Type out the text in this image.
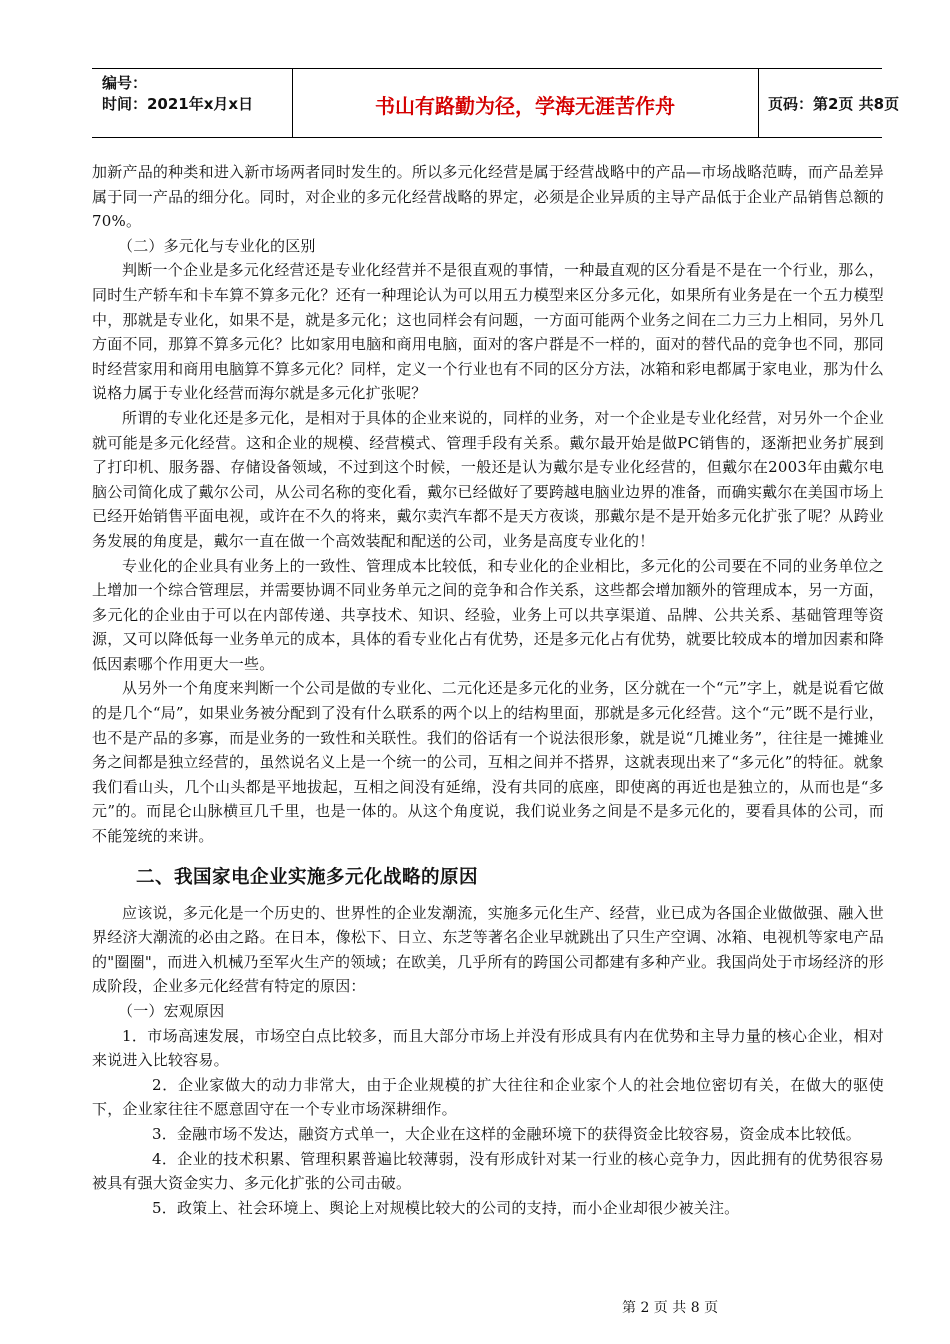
编号：
时间：2021年x月x日	书山有路勤为径，学海无涯苦作舟	页码：第2页 共8页

加新产品的种类和进入新市场两者同时发生的。所以多元化经营是属于经营战略中的产品—市场战略范畴，而产品差异属于同一产品的细分化。同时，对企业的多元化经营战略的界定，必须是企业异质的主导产品低于企业产品销售总额的70%。

（二）多元化与专业化的区别

判断一个企业是多元化经营还是专业化经营并不是很直观的事情，一种最直观的区分看是不是在一个行业，那么，同时生产轿车和卡车算不算多元化？还有一种理论认为可以用五力模型来区分多元化，如果所有业务是在一个五力模型中，那就是专业化，如果不是，就是多元化；这也同样会有问题，一方面可能两个业务之间在二力三力上相同，另外几方面不同，那算不算多元化？比如家用电脑和商用电脑，面对的客户群是不一样的，面对的替代品的竞争也不同，那同时经营家用和商用电脑算不算多元化？同样，定义一个行业也有不同的区分方法，冰箱和彩电都属于家电业，那为什么说格力属于专业化经营而海尔就是多元化扩张呢？

所谓的专业化还是多元化，是相对于具体的企业来说的，同样的业务，对一个企业是专业化经营，对另外一个企业就可能是多元化经营。这和企业的规模、经营模式、管理手段有关系。戴尔最开始是做PC销售的，逐渐把业务扩展到了打印机、服务器、存储设备领域，不过到这个时候，一般还是认为戴尔是专业化经营的，但戴尔在2003年由戴尔电脑公司简化成了戴尔公司，从公司名称的变化看，戴尔已经做好了要跨越电脑业边界的准备，而确实戴尔在美国市场上已经开始销售平面电视，或许在不久的将来，戴尔卖汽车都不是天方夜谈，那戴尔是不是开始多元化扩张了呢？从跨业务发展的角度是，戴尔一直在做一个高效装配和配送的公司，业务是高度专业化的！

专业化的企业具有业务上的一致性、管理成本比较低，和专业化的企业相比，多元化的公司要在不同的业务单位之上增加一个综合管理层，并需要协调不同业务单元之间的竞争和合作关系，这些都会增加额外的管理成本，另一方面，多元化的企业由于可以在内部传递、共享技术、知识、经验，业务上可以共享渠道、品牌、公共关系、基础管理等资源，又可以降低每一业务单元的成本，具体的看专业化占有优势，还是多元化占有优势，就要比较成本的增加因素和降低因素哪个作用更大一些。

从另外一个角度来判断一个公司是做的专业化、二元化还是多元化的业务，区分就在一个“元”字上，就是说看它做的是几个“局”，如果业务被分配到了没有什么联系的两个以上的结构里面，那就是多元化经营。这个“元”既不是行业，也不是产品的多寡，而是业务的一致性和关联性。我们的俗话有一个说法很形象，就是说“几摊业务”，往往是一摊摊业务之间都是独立经营的，虽然说名义上是一个统一的公司，互相之间并不搭界，这就表现出来了“多元化”的特征。就象我们看山头，几个山头都是平地拔起，互相之间没有延绵，没有共同的底座，即使离的再近也是独立的，从而也是“多元”的。而昆仑山脉横亘几千里，也是一体的。从这个角度说，我们说业务之间是不是多元化的，要看具体的公司，而不能笼统的来讲。

二、我国家电企业实施多元化战略的原因

应该说，多元化是一个历史的、世界性的企业发潮流，实施多元化生产、经营，业已成为各国企业做做强、融入世界经济大潮流的必由之路。在日本，像松下、日立、东芝等著名企业早就跳出了只生产空调、冰箱、电视机等家电产品的"圈圈"，而进入机械乃至军火生产的领域；在欧美，几乎所有的跨国公司都建有多种产业。我国尚处于市场经济的形成阶段，企业多元化经营有特定的原因：

（一）宏观原因

1．市场高速发展，市场空白点比较多，而且大部分市场上并没有形成具有内在优势和主导力量的核心企业，相对来说进入比较容易。

2．企业家做大的动力非常大，由于企业规模的扩大往往和企业家个人的社会地位密切有关，在做大的驱使下，企业家往往不愿意固守在一个专业市场深耕细作。

3．金融市场不发达，融资方式单一，大企业在这样的金融环境下的获得资金比较容易，资金成本比较低。

4．企业的技术积累、管理积累普遍比较薄弱，没有形成针对某一行业的核心竞争力，因此拥有的优势很容易被具有强大资金实力、多元化扩张的公司击破。

5．政策上、社会环境上、舆论上对规模比较大的公司的支持，而小企业却很少被关注。

第 2 页 共 8 页
